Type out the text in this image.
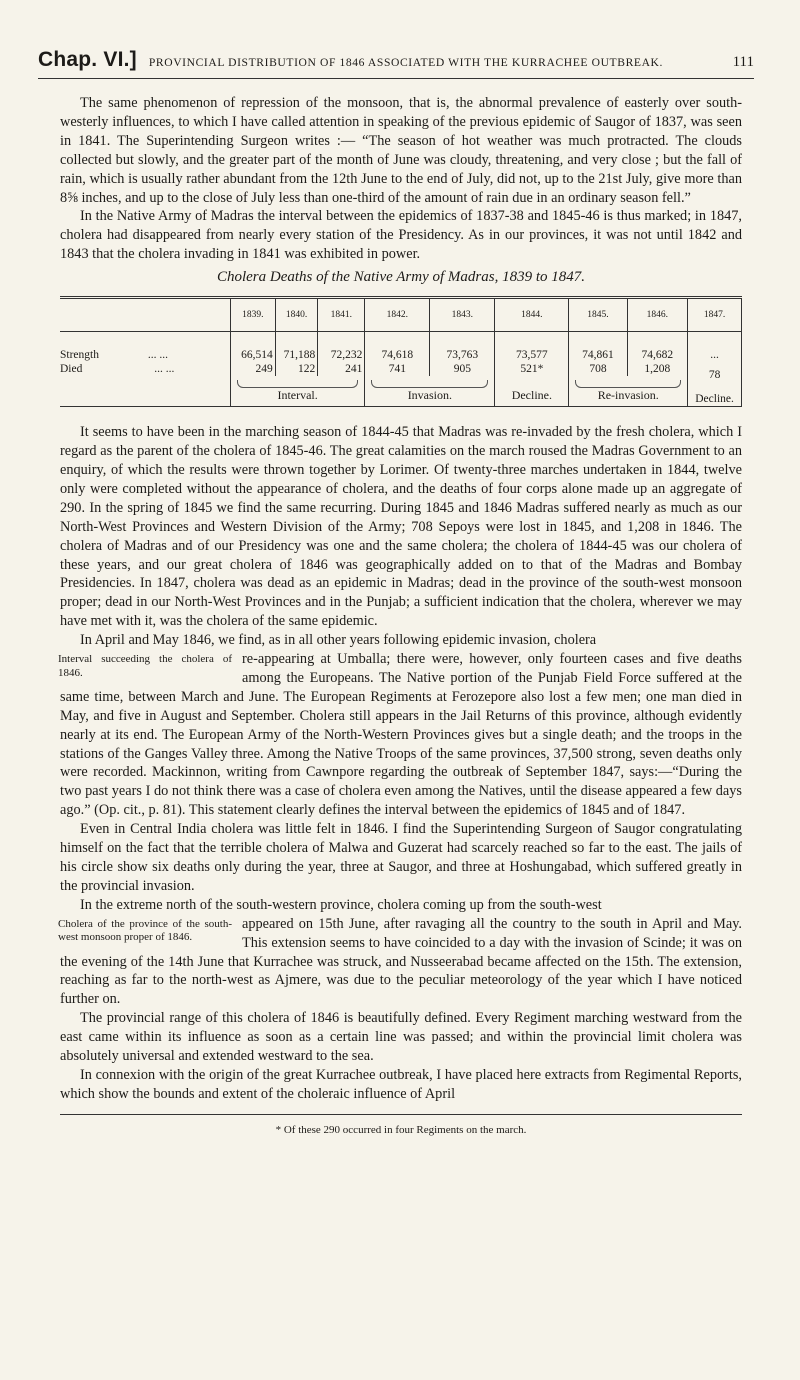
Chap. VI.]	PROVINCIAL DISTRIBUTION OF 1846 ASSOCIATED WITH THE KURRACHEE OUTBREAK.	111

The same phenomenon of repression of the monsoon, that is, the abnormal prevalence of easterly over south-westerly influences, to which I have called attention in speaking of the previous epidemic of Saugor of 1837, was seen in 1841. The Superintending Surgeon writes :— “The season of hot weather was much protracted. The clouds collected but slowly, and the greater part of the month of June was cloudy, threatening, and very close ; but the fall of rain, which is usually rather abundant from the 12th June to the end of July, did not, up to the 21st July, give more than 8⅝ inches, and up to the close of July less than one-third of the amount of rain due in an ordinary season fell.”

In the Native Army of Madras the interval between the epidemics of 1837-38 and 1845-46 is thus marked; in 1847, cholera had disappeared from nearly every station of the Presidency. As in our provinces, it was not until 1842 and 1843 that the cholera invading in 1841 was exhibited in power.

Cholera Deaths of the Native Army of Madras, 1839 to 1847.
	1839.	1840.	1841.	1842.	1843.	1844.	1845.	1846.	1847.
Strength ... ...	66,514	71,188	72,232	74,618	73,763	73,577	74,861	74,682	...
Died ... ...	249	122	241	741	905	521*	708	1,208	78
Decline.

Interval.			Invasion.		Decline.	Re-invasion.		

It seems to have been in the marching season of 1844-45 that Madras was re-invaded by the fresh cholera, which I regard as the parent of the cholera of 1845-46. The great calamities on the march roused the Madras Government to an enquiry, of which the results were thrown together by Lorimer. Of twenty-three marches undertaken in 1844, twelve only were completed without the appearance of cholera, and the deaths of four corps alone made up an aggregate of 290. In the spring of 1845 we find the same recurring. During 1845 and 1846 Madras suffered nearly as much as our North-West Provinces and Western Division of the Army; 708 Sepoys were lost in 1845, and 1,208 in 1846. The cholera of Madras and of our Presidency was one and the same cholera; the cholera of 1844-45 was our cholera of these years, and our great cholera of 1846 was geographically added on to that of the Madras and Bombay Presidencies. In 1847, cholera was dead as an epidemic in Madras; dead in the province of the south-west monsoon proper; dead in our North-West Provinces and in the Punjab; a sufficient indication that the cholera, wherever we may have met with it, was the cholera of the same epidemic.

In April and May 1846, we find, as in all other years following epidemic invasion, cholera

Interval succeeding the cholera of 1846.
re-appearing at Umballa; there were, however, only fourteen cases and five deaths among the Europeans. The Native portion of the Punjab Field Force suffered at the same time, between March and June. The European Regiments at Ferozepore also lost a few men; one man died in May, and five in August and September. Cholera still appears in the Jail Returns of this province, although evidently nearly at its end. The European Army of the North-Western Provinces gives but a single death; and the troops in the stations of the Ganges Valley three. Among the Native Troops of the same provinces, 37,500 strong, seven deaths only were recorded. Mackinnon, writing from Cawnpore regarding the outbreak of September 1847, says:—“During the two past years I do not think there was a case of cholera even among the Natives, until the disease appeared a few days ago.” (Op. cit., p. 81). This statement clearly defines the interval between the epidemics of 1845 and of 1847.

Even in Central India cholera was little felt in 1846. I find the Superintending Surgeon of Saugor congratulating himself on the fact that the terrible cholera of Malwa and Guzerat had scarcely reached so far to the east. The jails of his circle show six deaths only during the year, three at Saugor, and three at Hoshungabad, which suffered greatly in the provincial invasion.

In the extreme north of the south-western province, cholera coming up from the south-west

Cholera of the province of the south-west monsoon proper of 1846.
appeared on 15th June, after ravaging all the country to the south in April and May. This extension seems to have coincided to a day with the invasion of Scinde; it was on the evening of the 14th June that Kurrachee was struck, and Nusseerabad became affected on the 15th. The extension, reaching as far to the north-west as Ajmere, was due to the peculiar meteorology of the year which I have noticed further on.

The provincial range of this cholera of 1846 is beautifully defined. Every Regiment marching westward from the east came within its influence as soon as a certain line was passed; and within the provincial limit cholera was absolutely universal and extended westward to the sea.

In connexion with the origin of the great Kurrachee outbreak, I have placed here extracts from Regimental Reports, which show the bounds and extent of the choleraic influence of April

* Of these 290 occurred in four Regiments on the march.
